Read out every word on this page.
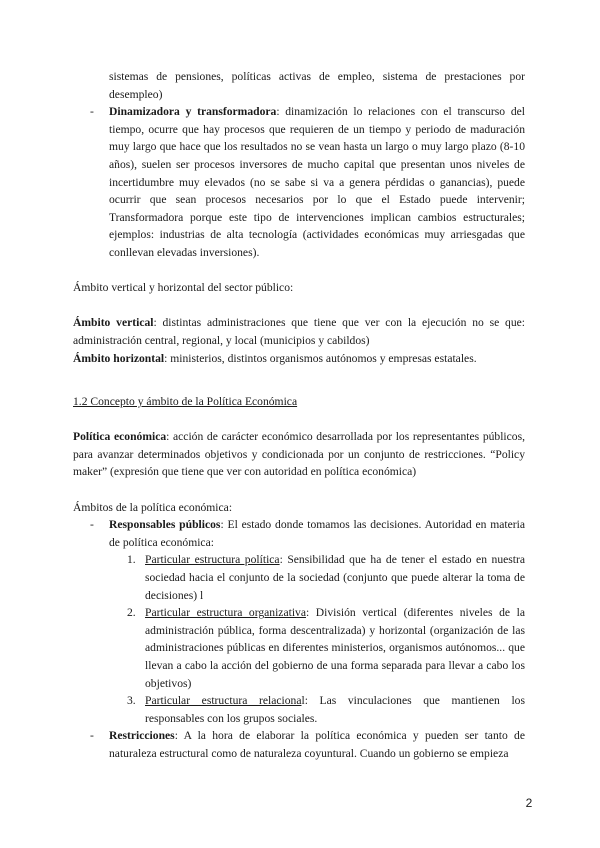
sistemas de pensiones, políticas activas de empleo, sistema de prestaciones por desempleo)

- Dinamizadora y transformadora: dinamización lo relaciones con el transcurso del tiempo, ocurre que hay procesos que requieren de un tiempo y periodo de maduración muy largo que hace que los resultados no se vean hasta un largo o muy largo plazo (8-10 años), suelen ser procesos inversores de mucho capital que presentan unos niveles de incertidumbre muy elevados (no se sabe si va a genera pérdidas o ganancias), puede ocurrir que sean procesos necesarios por lo que el Estado puede intervenir; Transformadora porque este tipo de intervenciones implican cambios estructurales; ejemplos: industrias de alta tecnología (actividades económicas muy arriesgadas que conllevan elevadas inversiones).

Ámbito vertical y horizontal del sector público:

Ámbito vertical: distintas administraciones que tiene que ver con la ejecución no se que: administración central, regional, y local (municipios y cabildos)

Ámbito horizontal: ministerios, distintos organismos autónomos y empresas estatales.

1.2 Concepto y ámbito de la Política Económica

Política económica: acción de carácter económico desarrollada por los representantes públicos, para avanzar determinados objetivos y condicionada por un conjunto de restricciones. “Policy maker” (expresión que tiene que ver con autoridad en política económica)

Ámbitos de la política económica:

- Responsables públicos: El estado donde tomamos las decisiones. Autoridad en materia de política económica:

1. Particular estructura política: Sensibilidad que ha de tener el estado en nuestra sociedad hacia el conjunto de la sociedad (conjunto que puede alterar la toma de decisiones) l

2. Particular estructura organizativa: División vertical (diferentes niveles de la administración pública, forma descentralizada) y horizontal (organización de las administraciones públicas en diferentes ministerios, organismos autónomos... que llevan a cabo la acción del gobierno de una forma separada para llevar a cabo los objetivos)

3. Particular estructura relacional: Las vinculaciones que mantienen los responsables con los grupos sociales.

- Restricciones: A la hora de elaborar la política económica y pueden ser tanto de naturaleza estructural como de naturaleza coyuntural. Cuando un gobierno se empieza

2
